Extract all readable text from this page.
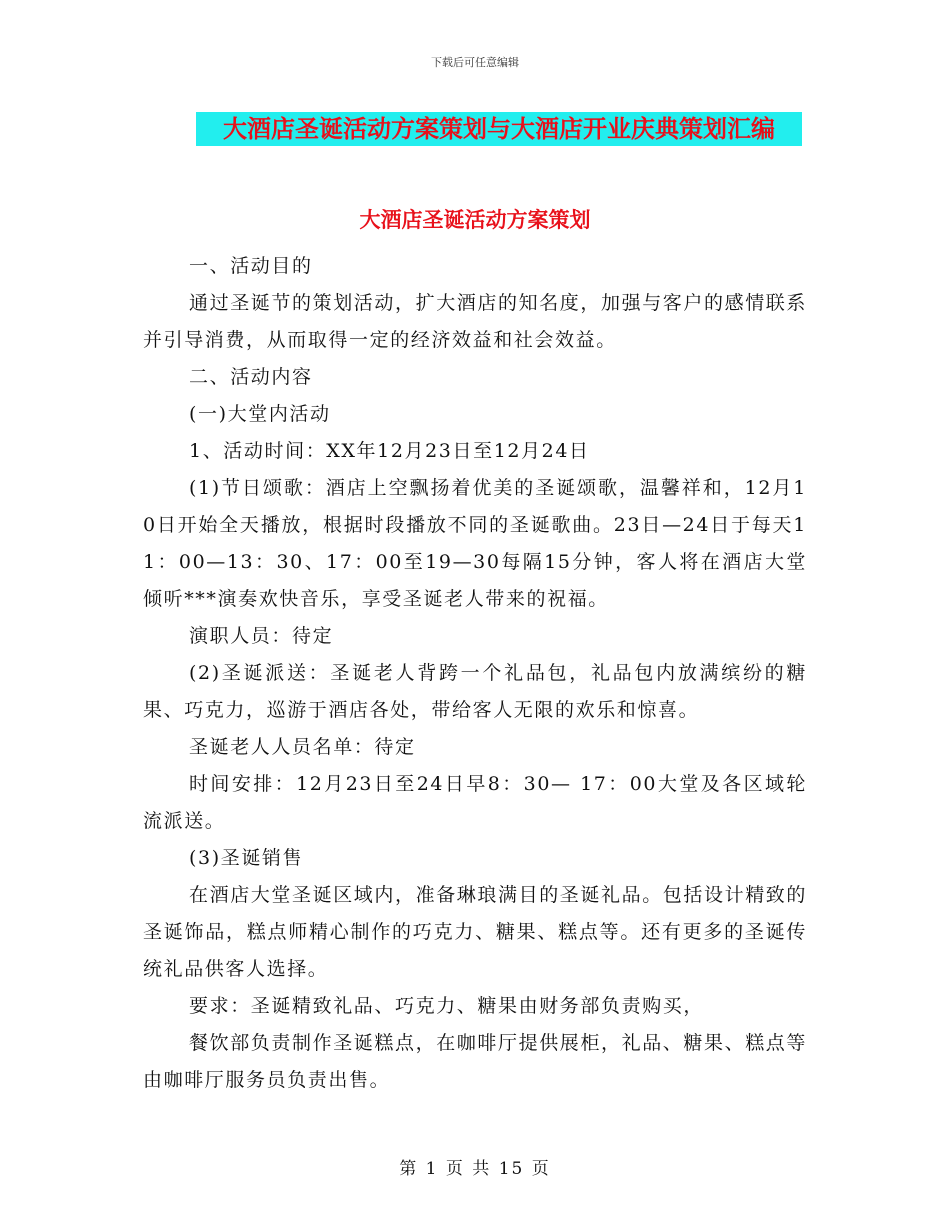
下载后可任意编辑
大酒店圣诞活动方案策划与大酒店开业庆典策划汇编
大酒店圣诞活动方案策划

一、活动目的

通过圣诞节的策划活动，扩大酒店的知名度，加强与客户的感情联系并引导消费，从而取得一定的经济效益和社会效益。

二、活动内容

(一)大堂内活动

1、活动时间：XX年12月23日至12月24日

(1)节日颂歌：酒店上空飘扬着优美的圣诞颂歌，温馨祥和，12月10日开始全天播放，根据时段播放不同的圣诞歌曲。23日—24日于每天11：00—13：30、17：00至19—30每隔15分钟，客人将在酒店大堂倾听***演奏欢快音乐，享受圣诞老人带来的祝福。

演职人员：待定

(2)圣诞派送：圣诞老人背跨一个礼品包，礼品包内放满缤纷的糖果、巧克力，巡游于酒店各处，带给客人无限的欢乐和惊喜。

圣诞老人人员名单：待定

时间安排：12月23日至24日早8：30— 17：00大堂及各区域轮流派送。

(3)圣诞销售

在酒店大堂圣诞区域内，准备琳琅满目的圣诞礼品。包括设计精致的圣诞饰品，糕点师精心制作的巧克力、糖果、糕点等。还有更多的圣诞传统礼品供客人选择。

要求：圣诞精致礼品、巧克力、糖果由财务部负责购买，

餐饮部负责制作圣诞糕点，在咖啡厅提供展柜，礼品、糖果、糕点等由咖啡厅服务员负责出售。

第 1 页 共 15 页
